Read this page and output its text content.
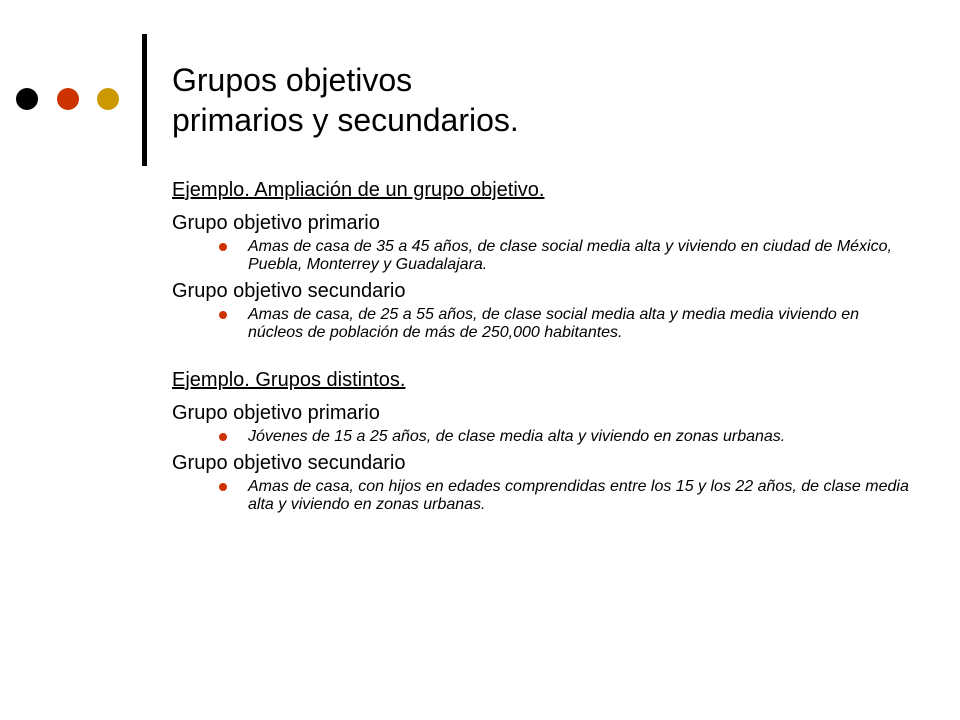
Grupos objetivos
primarios y secundarios.
Ejemplo. Ampliación de un grupo objetivo.
Grupo objetivo primario
Amas de casa de 35 a 45 años, de clase social media alta y viviendo en ciudad de México, Puebla, Monterrey y Guadalajara.
Grupo objetivo secundario
Amas de casa, de 25 a 55 años, de clase social media alta y media media viviendo en núcleos de población de más de 250,000 habitantes.
Ejemplo. Grupos distintos.
Grupo objetivo primario
Jóvenes de 15 a 25 años, de clase media alta y viviendo en zonas urbanas.
Grupo objetivo secundario
Amas de casa, con hijos en edades comprendidas entre los 15 y los 22 años, de clase media alta y viviendo en zonas urbanas.
